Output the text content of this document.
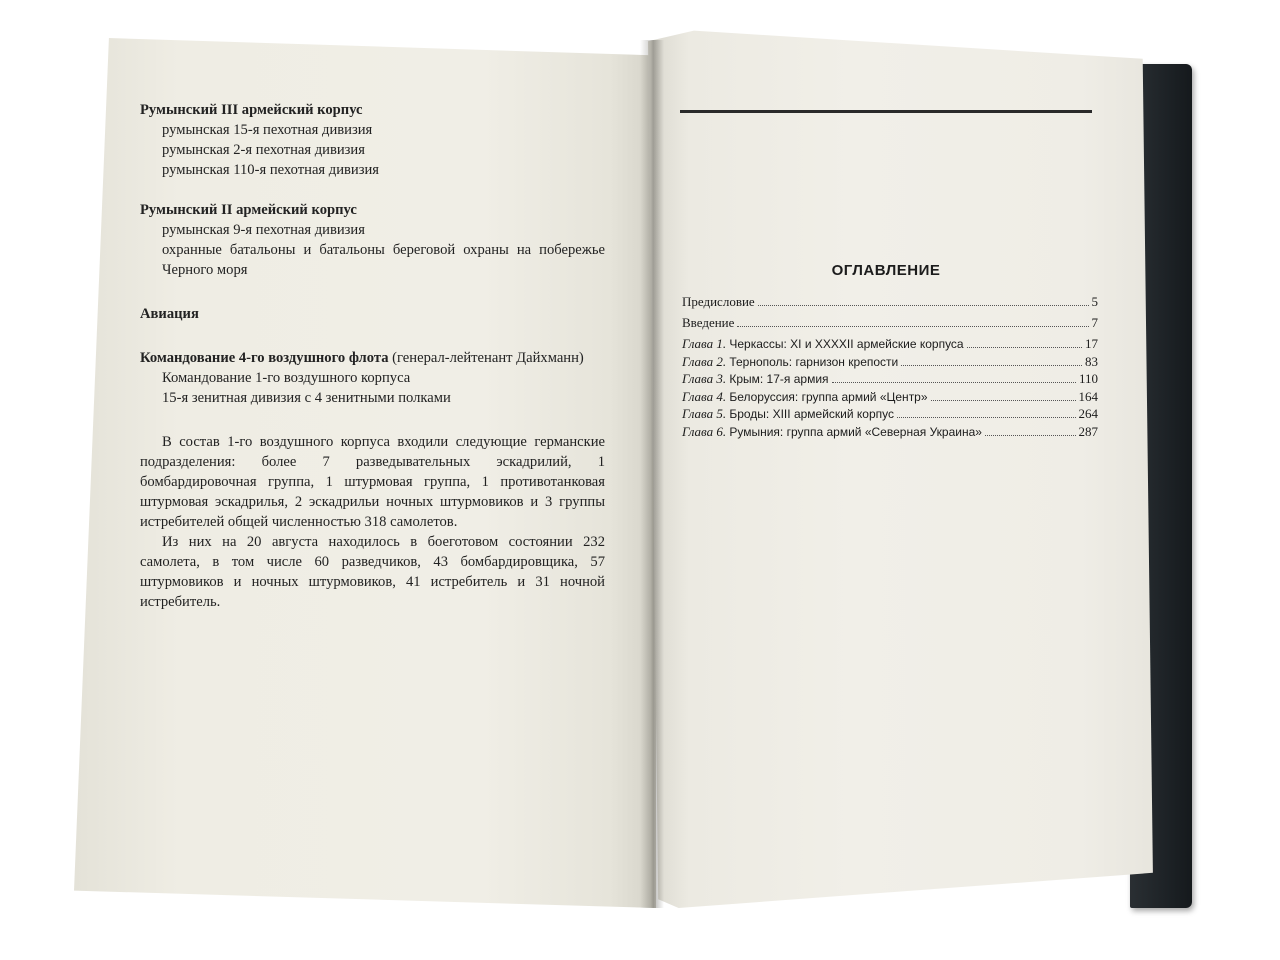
Румынский III армейский корпус

румынская 15-я пехотная дивизия

румынская 2-я пехотная дивизия

румынская 110-я пехотная дивизия

Румынский II армейский корпус

румынская 9-я пехотная дивизия

охранные батальоны и батальоны береговой охраны на побережье Черного моря

Авиация

Командование 4-го воздушного флота (генерал-лейтенант Дайхманн)

Командование 1-го воздушного корпуса

15-я зенитная дивизия с 4 зенитными полками

В состав 1-го воздушного корпуса входили следующие германские подразделения: более 7 разведывательных эскадрилий, 1 бомбардировочная группа, 1 штурмовая группа, 1 противотанковая штурмовая эскадрилья, 2 эскадрильи ночных штурмовиков и 3 группы истребителей общей численностью 318 самолетов.

Из них на 20 августа находилось в боеготовом состоянии 232 самолета, в том числе 60 разведчиков, 43 бомбардировщика, 57 штурмовиков и ночных штурмовиков, 41 истребитель и 31 ночной истребитель.

ОГЛАВЛЕНИЕ
Предисловие	5
Введение	7
Глава 1. Черкассы: XI и XXXXII армейские корпуса	17
Глава 2. Тернополь: гарнизон крепости	83
Глава 3. Крым: 17-я армия	110
Глава 4. Белоруссия: группа армий «Центр»	164
Глава 5. Броды: XIII армейский корпус	264
Глава 6. Румыния: группа армий «Северная Украина»	287
